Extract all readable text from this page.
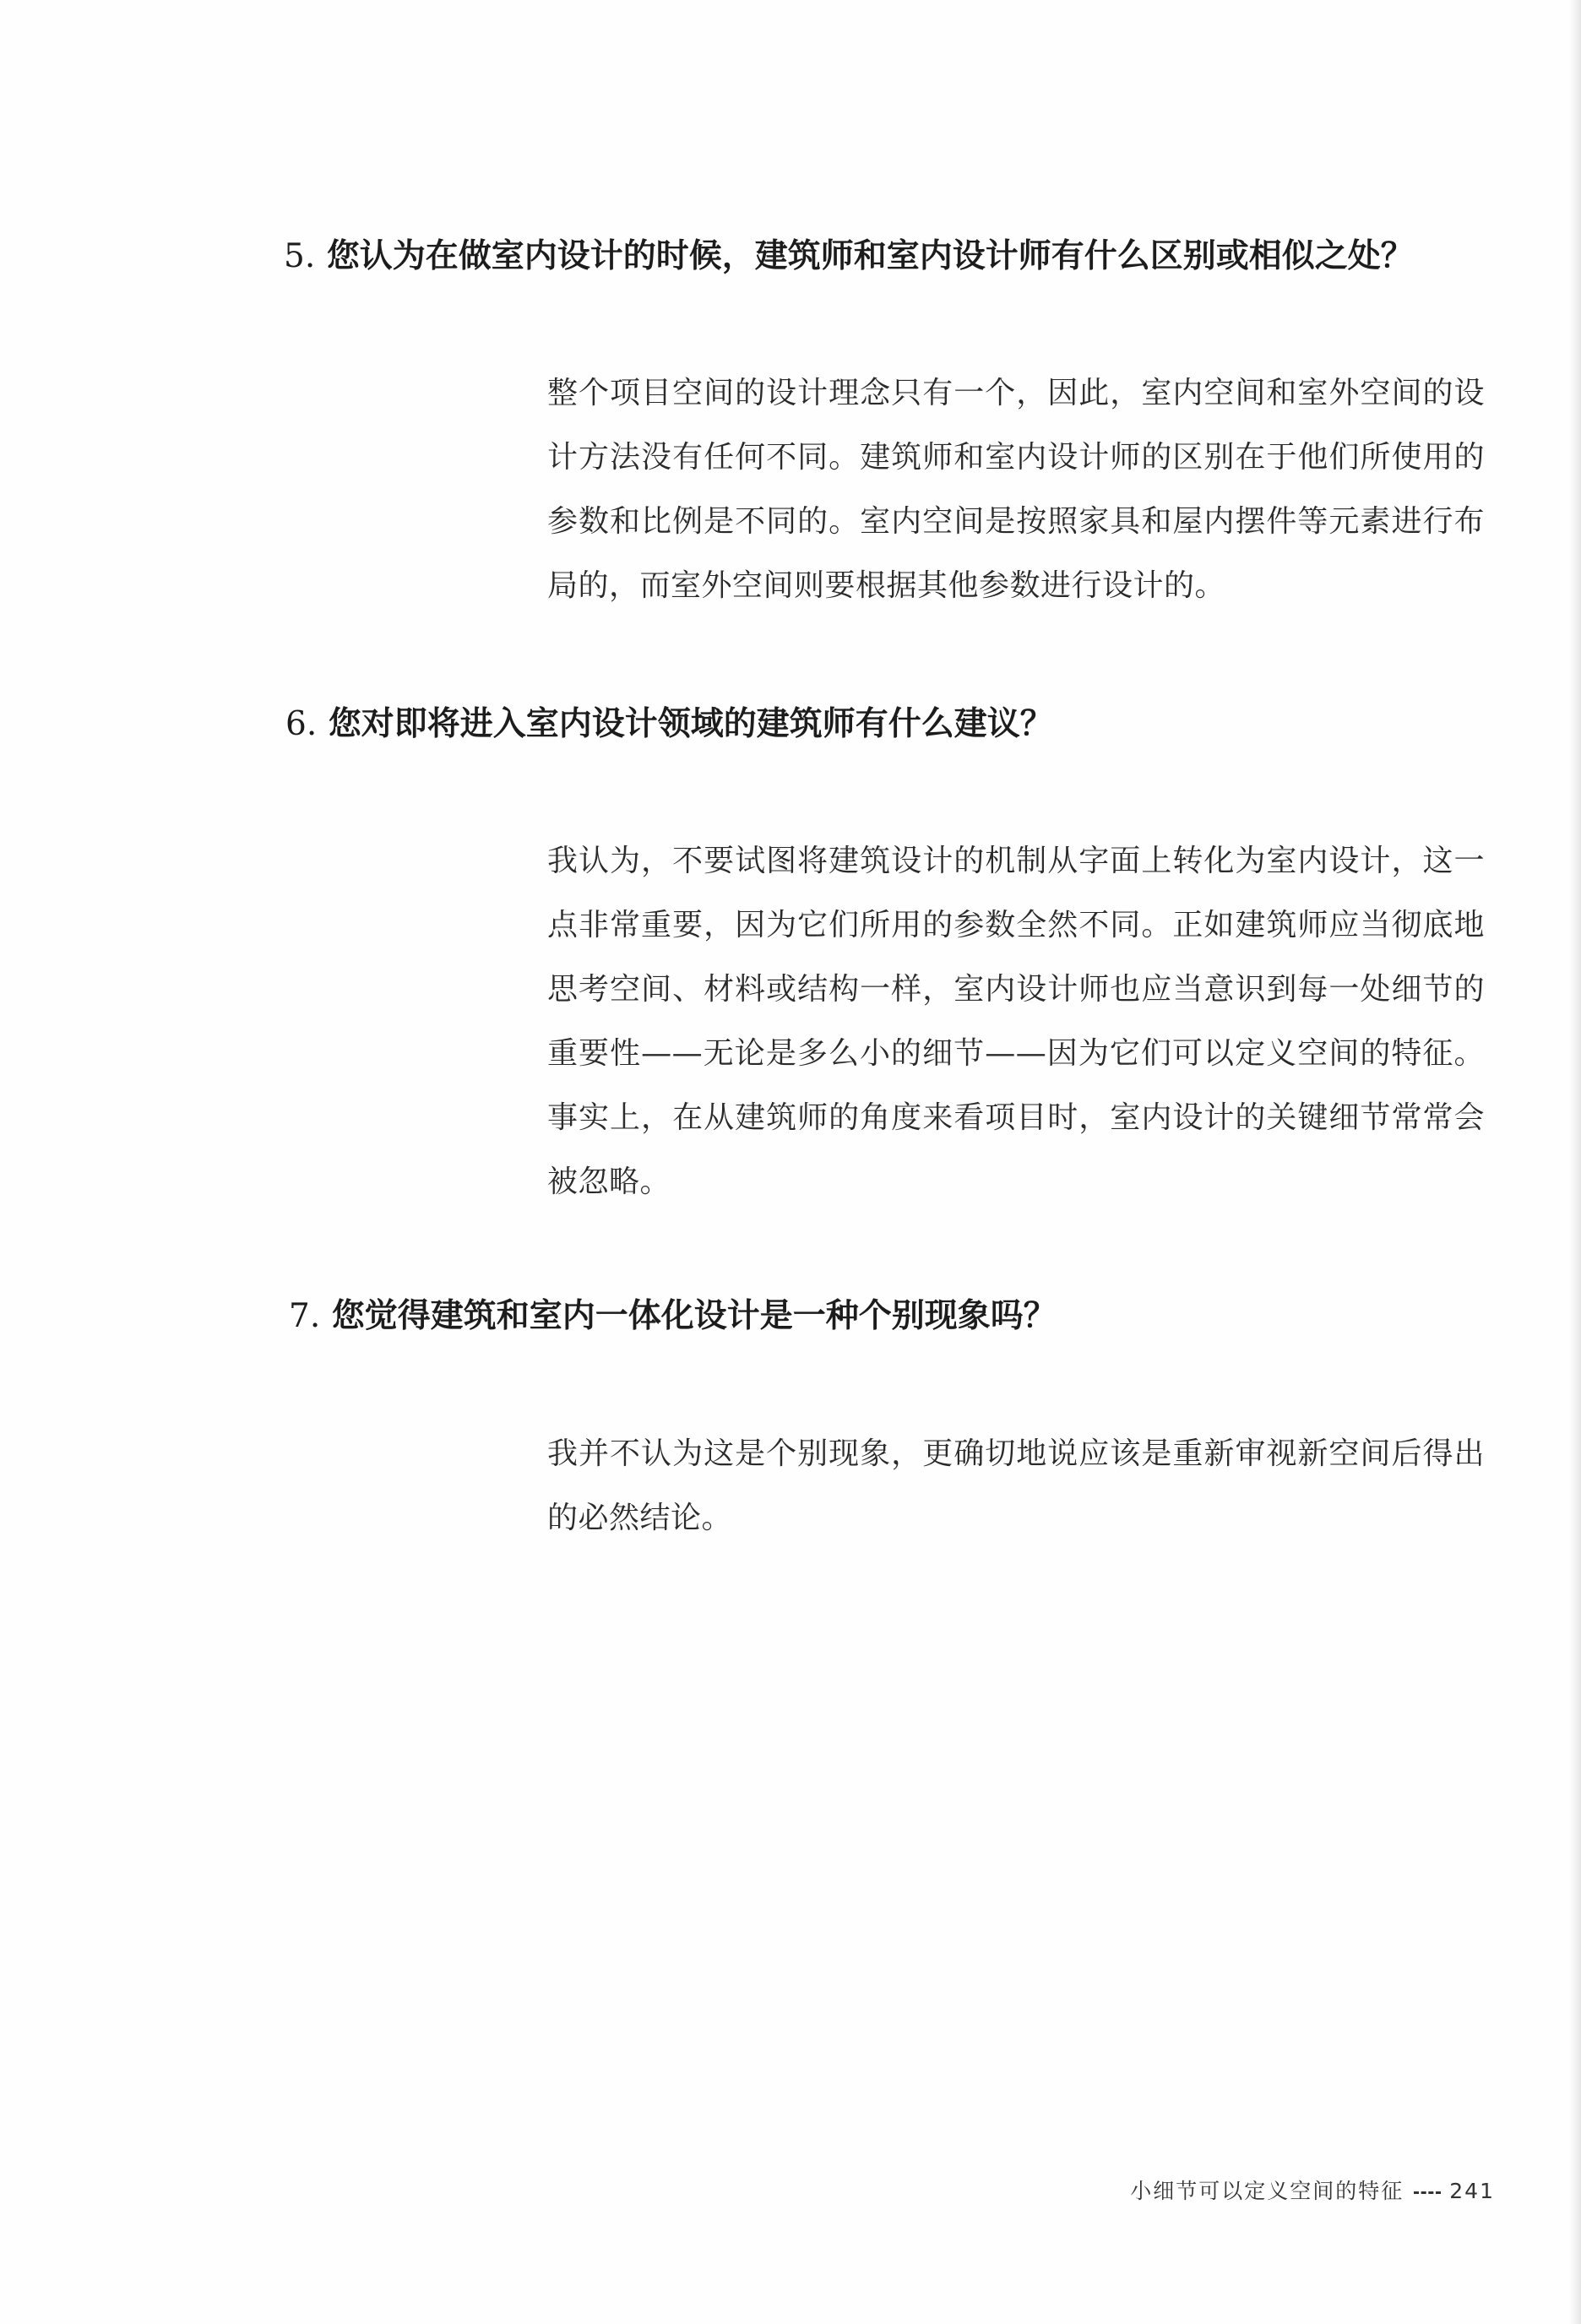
5. 您认为在做室内设计的时候，建筑师和室内设计师有什么区别或相似之处？

整个项目空间的设计理念只有一个，因此，室内空间和室外空间的设计方法没有任何不同。建筑师和室内设计师的区别在于他们所使用的参数和比例是不同的。室内空间是按照家具和屋内摆件等元素进行布局的，而室外空间则要根据其他参数进行设计的。

6. 您对即将进入室内设计领域的建筑师有什么建议？

我认为，不要试图将建筑设计的机制从字面上转化为室内设计，这一点非常重要，因为它们所用的参数全然不同。正如建筑师应当彻底地思考空间、材料或结构一样，室内设计师也应当意识到每一处细节的重要性——无论是多么小的细节——因为它们可以定义空间的特征。事实上，在从建筑师的角度来看项目时，室内设计的关键细节常常会被忽略。

7. 您觉得建筑和室内一体化设计是一种个别现象吗？

我并不认为这是个别现象，更确切地说应该是重新审视新空间后得出的必然结论。

小细节可以定义空间的特征 241
